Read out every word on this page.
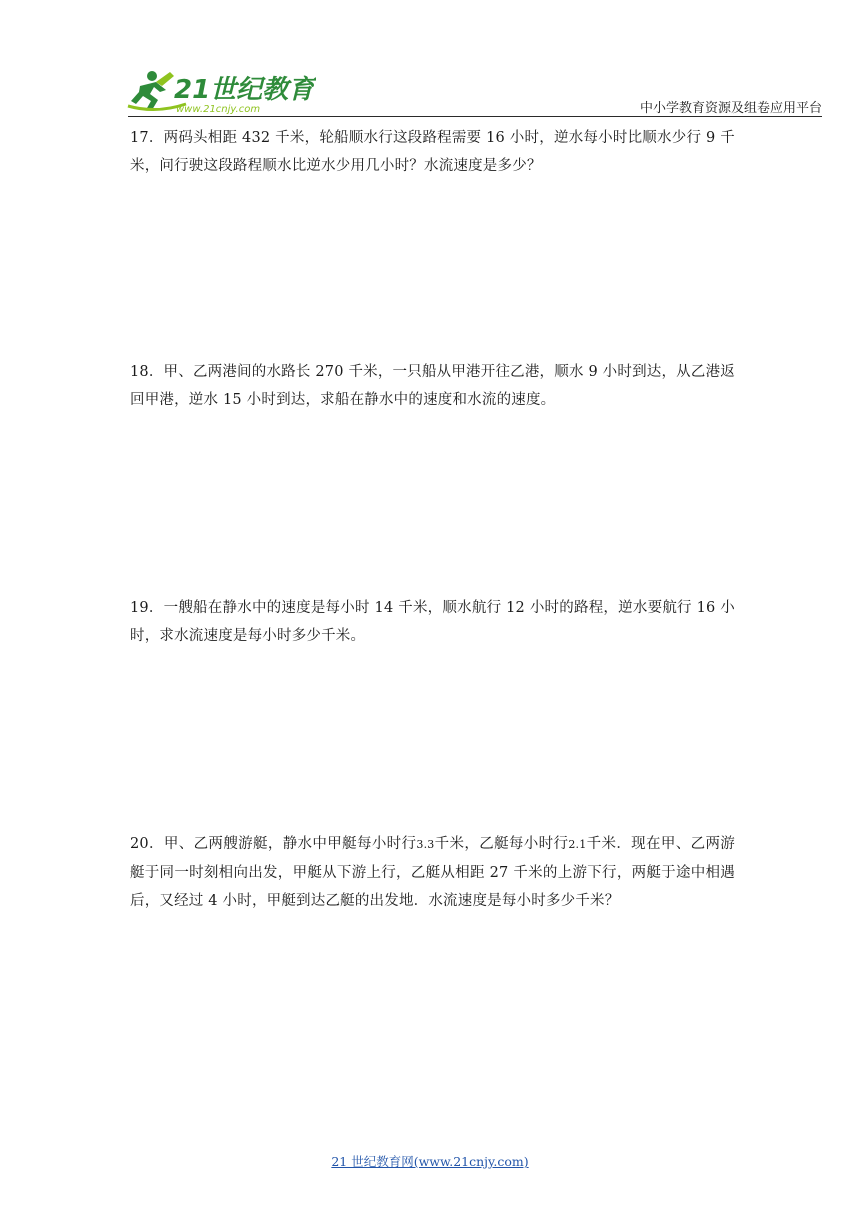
21世纪教育
www.21cnjy.com	中小学教育资源及组卷应用平台

17．两码头相距 432 千米，轮船顺水行这段路程需要 16 小时，逆水每小时比顺水少行 9 千米，问行驶这段路程顺水比逆水少用几小时？水流速度是多少？

18．甲、乙两港间的水路长 270 千米，一只船从甲港开往乙港，顺水 9 小时到达，从乙港返回甲港，逆水 15 小时到达，求船在静水中的速度和水流的速度。

19．一艘船在静水中的速度是每小时 14 千米，顺水航行 12 小时的路程，逆水要航行 16 小时，求水流速度是每小时多少千米。

20．甲、乙两艘游艇，静水中甲艇每小时行3.3千米，乙艇每小时行2.1千米．现在甲、乙两游艇于同一时刻相向出发，甲艇从下游上行，乙艇从相距 27 千米的上游下行，两艇于途中相遇后，又经过 4 小时，甲艇到达乙艇的出发地．水流速度是每小时多少千米？

21 世纪教育网(www.21cnjy.com)
